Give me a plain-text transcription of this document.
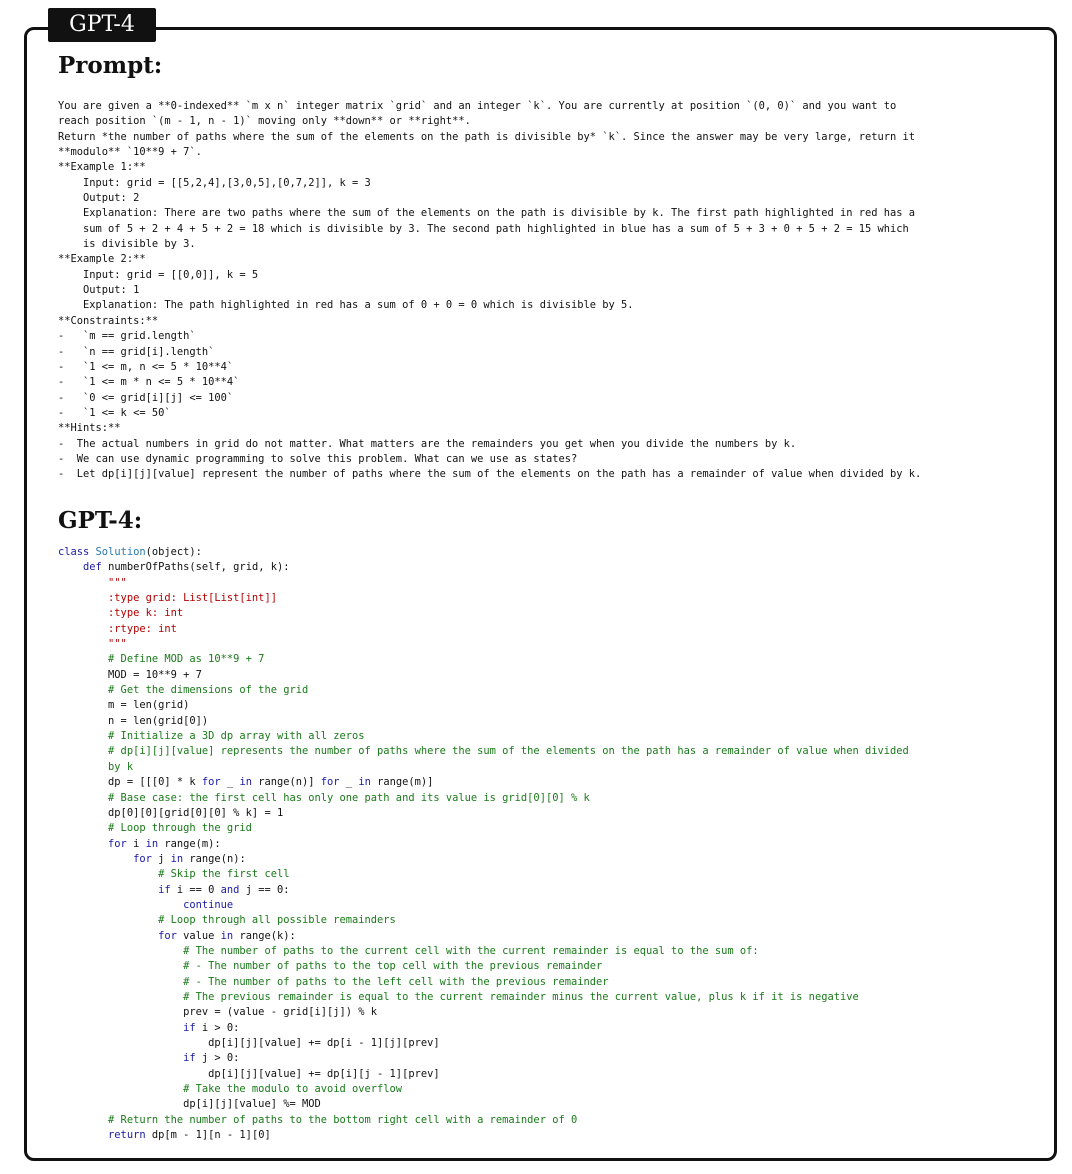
GPT-4
Prompt:
You are given a **0-indexed** `m x n` integer matrix `grid` and an integer `k`. You are currently at position `(0, 0)` and you want to
reach position `(m - 1, n - 1)` moving only **down** or **right**.
Return *the number of paths where the sum of the elements on the path is divisible by* `k`. Since the answer may be very large, return it
**modulo** `10**9 + 7`.
**Example 1:**
Input: grid = [[5,2,4],[3,0,5],[0,7,2]], k = 3
Output: 2
Explanation: There are two paths where the sum of the elements on the path is divisible by k. The first path highlighted in red has a
sum of 5 + 2 + 4 + 5 + 2 = 18 which is divisible by 3. The second path highlighted in blue has a sum of 5 + 3 + 0 + 5 + 2 = 15 which
is divisible by 3.
**Example 2:**
Input: grid = [[0,0]], k = 5
Output: 1
Explanation: The path highlighted in red has a sum of 0 + 0 = 0 which is divisible by 5.
**Constraints:**
-   `m == grid.length`
-   `n == grid[i].length`
-   `1 <= m, n <= 5 * 10**4`
-   `1 <= m * n <= 5 * 10**4`
-   `0 <= grid[i][j] <= 100`
-   `1 <= k <= 50`
**Hints:**
-  The actual numbers in grid do not matter. What matters are the remainders you get when you divide the numbers by k.
-  We can use dynamic programming to solve this problem. What can we use as states?
-  Let dp[i][j][value] represent the number of paths where the sum of the elements on the path has a remainder of value when divided by k.
GPT-4:
class Solution(object):
def numberOfPaths(self, grid, k):
"""
:type grid: List[List[int]]
:type k: int
:rtype: int
"""
# Define MOD as 10**9 + 7
MOD = 10**9 + 7
# Get the dimensions of the grid
m = len(grid)
n = len(grid[0])
# Initialize a 3D dp array with all zeros
# dp[i][j][value] represents the number of paths where the sum of the elements on the path has a remainder of value when divided
by k
dp = [[[0] * k for _ in range(n)] for _ in range(m)]
# Base case: the first cell has only one path and its value is grid[0][0] % k
dp[0][0][grid[0][0] % k] = 1
# Loop through the grid
for i in range(m):
for j in range(n):
# Skip the first cell
if i == 0 and j == 0:
continue
# Loop through all possible remainders
for value in range(k):
# The number of paths to the current cell with the current remainder is equal to the sum of:
# - The number of paths to the top cell with the previous remainder
# - The number of paths to the left cell with the previous remainder
# The previous remainder is equal to the current remainder minus the current value, plus k if it is negative
prev = (value - grid[i][j]) % k
if i > 0:
dp[i][j][value] += dp[i - 1][j][prev]
if j > 0:
dp[i][j][value] += dp[i][j - 1][prev]
# Take the modulo to avoid overflow
dp[i][j][value] %= MOD
# Return the number of paths to the bottom right cell with a remainder of 0
return dp[m - 1][n - 1][0]
